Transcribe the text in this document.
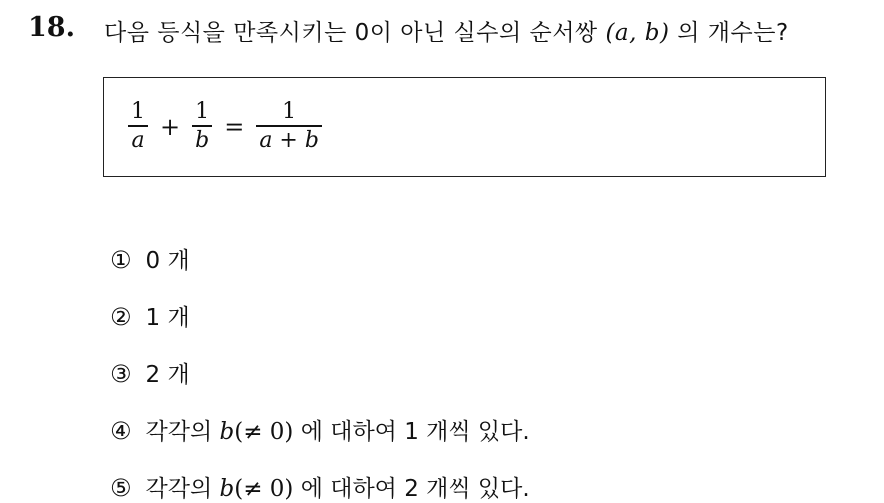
18. 다음 등식을 만족시키는 0이 아닌 실수의 순서쌍 (a, b) 의 개수는?
$\frac{1}{a} + \frac{1}{b} = \frac{1}{a + b}$
① 0 개
② 1 개
③ 2 개
④ 각각의 b(≠ 0) 에 대하여 1 개씩 있다.
⑤ 각각의 b(≠ 0) 에 대하여 2 개씩 있다.
